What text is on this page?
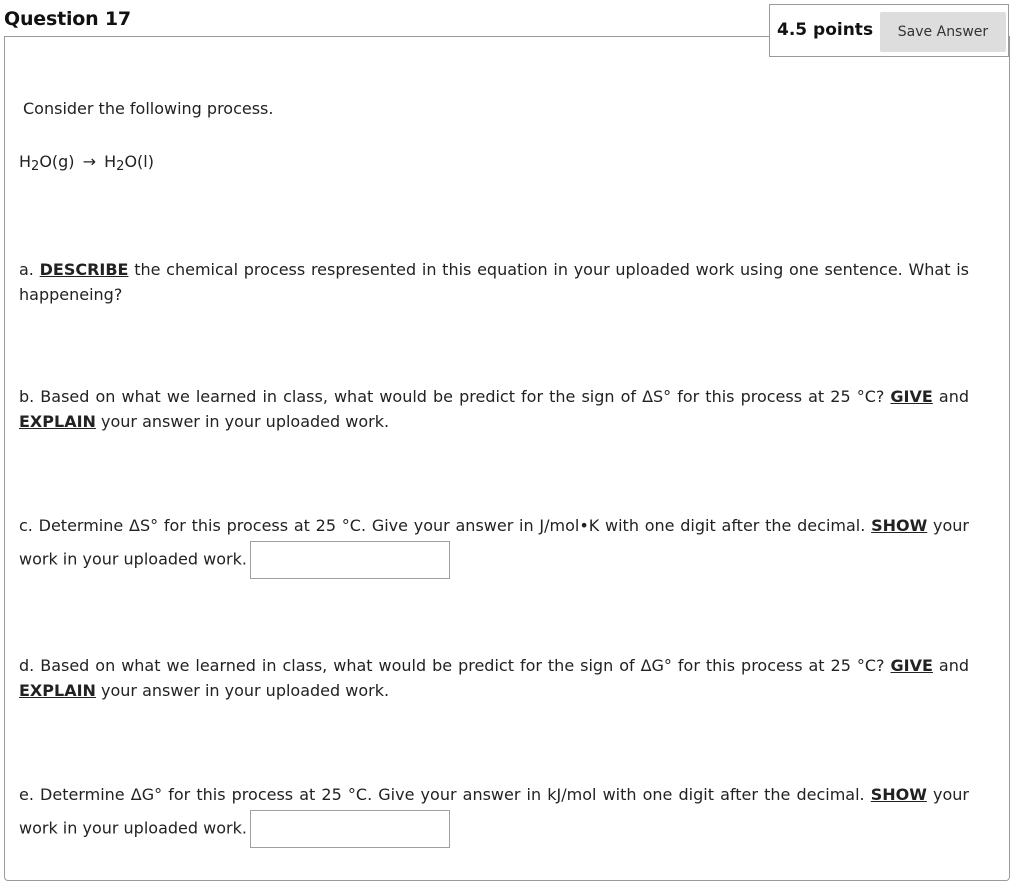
Question 17

Consider the following process.

$H_2O(g) \to H_2O(l)$

a. DESCRIBE the chemical process respresented in this equation in your uploaded work using one sentence. What is happeneing?

b. Based on what we learned in class, what would be predict for the sign of ΔS° for this process at 25 °C? GIVE and EXPLAIN your answer in your uploaded work.

c. Determine ΔS° for this process at 25 °C. Give your answer in J/mol•K with one digit after the decimal. SHOW your work in your uploaded work.

d. Based on what we learned in class, what would be predict for the sign of ΔG° for this process at 25 °C? GIVE and EXPLAIN your answer in your uploaded work.

e. Determine ΔG° for this process at 25 °C. Give your answer in kJ/mol with one digit after the decimal. SHOW your work in your uploaded work.

4.5 points	Save Answer
